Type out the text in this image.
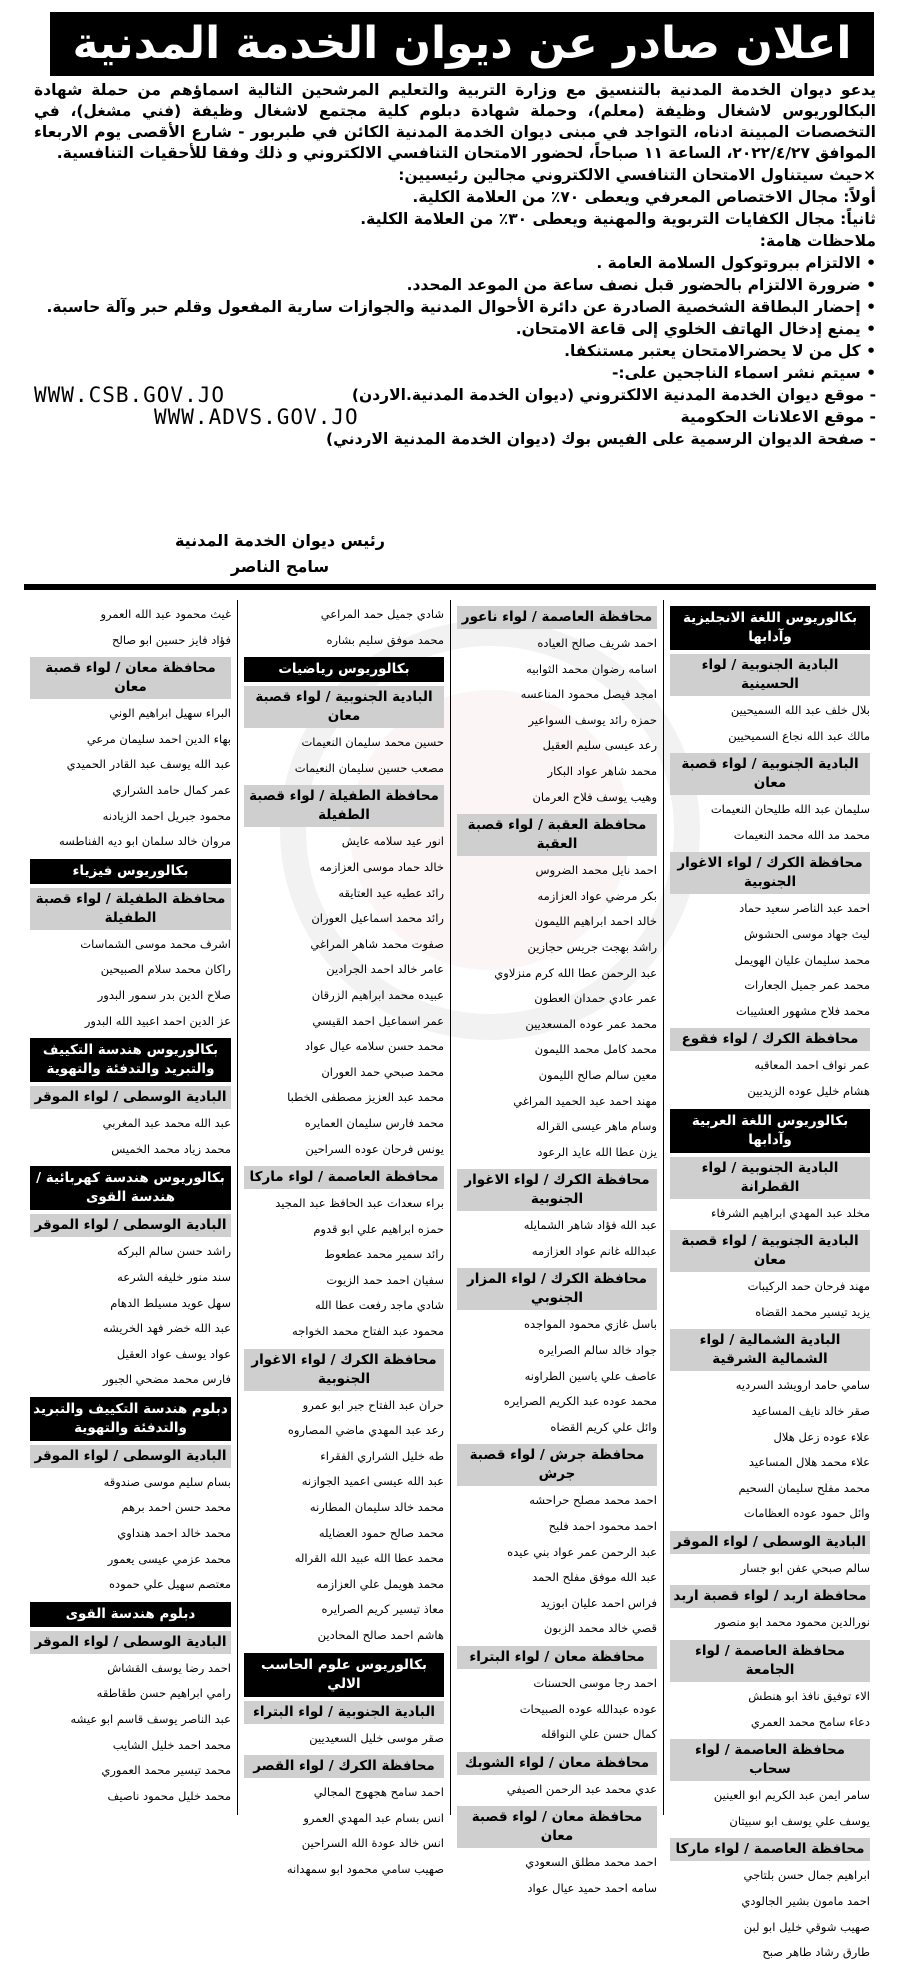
اعلان صادر عن ديوان الخدمة المدنية

يدعو ديوان الخدمة المدنية بالتنسيق مع وزارة التربية والتعليم المرشحين التالية اسماؤهم من حملة شهادة البكالوريوس لاشغال وظيفة (معلم)، وحملة شهادة دبلوم كلية مجتمع لاشغال وظيفة (فني مشغل)، في التخصصات المبينة ادناه، التواجد في مبنى ديوان الخدمة المدنية الكائن في طبربور - شارع الأقصى يوم الاربعاء الموافق ٢٠٢٢/٤/٢٧، الساعة ١١ صباحاً، لحضور الامتحان التنافسي الالكتروني و ذلك وفقا للأحقيات التنافسية.

×حيث سيتناول الامتحان التنافسي الالكتروني مجالين رئيسيين:
أولاً: مجال الاختصاص المعرفي ويعطى ٧٠٪ من العلامة الكلية.
ثانياً: مجال الكفايات التربوية والمهنية ويعطى ٣٠٪ من العلامة الكلية.
ملاحظات هامة:
• الالتزام ببروتوكول السلامة العامة .
• ضرورة الالتزام بالحضور قبل نصف ساعة من الموعد المحدد.
• إحضار البطاقة الشخصية الصادرة عن دائرة الأحوال المدنية والجوازات سارية المفعول وقلم حبر وآلة حاسبة.
• يمنع إدخال الهاتف الخلوي إلى قاعة الامتحان.
• كل من لا يحضرالامتحان يعتبر مستنكفا.
• سيتم نشر اسماء الناجحين على:-
- موقع ديوان الخدمة المدنية الالكتروني (ديوان الخدمة المدنية.الاردن)
WWW.CSB.GOV.JO
- موقع الاعلانات الحكومية
WWW.ADVS.GOV.JO
- صفحة الديوان الرسمية على الفيس بوك (ديوان الخدمة المدنية الاردني)
رئيس ديوان الخدمة المدنية
سامح الناصر
بكالوريوس اللغة الانجليزية وآدابها
البادية الجنوبية / لواء الحسينية
بلال خلف عبد الله السميحيين
مالك عبد الله نجاع السميحيين
البادية الجنوبية / لواء قصبة معان
سليمان عبد الله طليحان النعيمات
محمد مد الله محمد النعيمات
محافظة الكرك / لواء الاغوار الجنوبية
احمد عبد الناصر سعيد حماد
ليث جهاد موسى الحشوش
محمد سليمان عليان الهويمل
محمد عمر جميل الجعارات
محمد فلاح مشهور العشيبات
محافظة الكرك / لواء فقوع
عمر نواف احمد المعاقبه
هشام خليل عوده الزيديين
بكالوريوس اللغة العربية وآدابها
البادية الجنوبية / لواء القطرانة
مخلد عبد المهدي ابراهيم الشرفاء
البادية الجنوبية / لواء قصبة معان
مهند فرحان حمد الركيبات
يزيد تيسير محمد القضاه
البادية الشمالية / لواء الشمالية الشرقية
سامي حامد ارويشد السرديه
صقر خالد نايف المساعيد
علاء عوده زعل هلال
علاء محمد هلال المساعيد
محمد مفلح سليمان السحيم
وائل حمود عوده العظامات
البادية الوسطى / لواء الموقر
سالم صبحي عفن ابو جسار
محافظة اربد / لواء قصبة اربد
نورالدين محمود محمد ابو منصور
محافظة العاصمة / لواء الجامعة
الاء توفيق نافذ ابو هنطش
دعاء سامح محمد العمري
محافظة العاصمة / لواء سحاب
سامر ايمن عبد الكريم ابو العينين
يوسف علي يوسف ابو سبيتان
محافظة العاصمة / لواء ماركا
ابراهيم جمال حسن بلتاجي
احمد مامون بشير الجالودي
صهيب شوقي خليل ابو لبن
طارق رشاد طاهر صبح
محافظة العاصمة / لواء ناعور
احمد شريف صالح العياده
اسامه رضوان محمد الثوابيه
امجد فيصل محمود المناعسه
حمزه رائد يوسف السواعير
رعد عيسى سليم العقيل
محمد شاهر عواد البكار
وهيب يوسف فلاح العرمان
محافظة العقبة / لواء قصبة العقبة
احمد نايل محمد الضروس
بكر مرضي عواد العزازمه
خالد احمد ابراهيم الليمون
راشد بهجت جريس حجازين
عبد الرحمن عطا الله كرم منزلاوي
عمر عادي حمدان العطون
محمد عمر عوده المسعديين
محمد كامل محمد الليمون
معين سالم صالح الليمون
مهند احمد عبد الحميد المراغي
وسام ماهر عيسى القراله
يزن عطا الله عايد الرعود
محافظة الكرك / لواء الاغوار الجنوبية
عبد الله فؤاد شاهر الشمايله
عبدالله غانم عواد العزازمه
محافظة الكرك / لواء المزار الجنوبي
باسل غازي محمود المواجده
جواد خالد سالم الصرايره
عاصف علي ياسين الطراونه
محمد عوده عبد الكريم الصرايره
وائل علي كريم القضاه
محافظة جرش / لواء قصبة جرش
احمد محمد مصلح حراحشه
احمد محمود احمد فليح
عبد الرحمن عمر عواد بني عيده
عبد الله موفق مفلح الحمد
فراس احمد عليان ابوزيد
قصي خالد محمد الزبون
محافظة معان / لواء البتراء
احمد رجا موسى الحسنات
عوده عبدالله عوده الصبيحات
كمال حسن علي النواقله
محافظة معان / لواء الشوبك
عدي محمد عبد الرحمن الصيفي
محافظة معان / لواء قصبة معان
احمد محمد مطلق السعودي
سامه احمد حميد عيال عواد
شادي جميل حمد المراعي
محمد موفق سليم بشاره
بكالوريوس رياضيات
البادية الجنوبية / لواء قصبة معان
حسين محمد سليمان النعيمات
مصعب حسين سليمان النعيمات
محافظة الطفيلة / لواء قصبة الطفيلة
انور عيد سلامه عايش
خالد حماد موسى العزازمه
رائد عطيه عيد العتايقه
رائد محمد اسماعيل العوران
صفوت محمد شاهر المراغي
عامر خالد احمد الجرادين
عبيده محمد ابراهيم الزرقان
عمر اسماعيل احمد القيسي
محمد حسن سلامه عيال عواد
محمد صبحي حمد العوران
محمد عبد العزيز مصطفى الخطبا
محمد فارس سليمان العمايره
يونس فرحان عوده السراحين
محافظة العاصمة / لواء ماركا
براء سعدات عبد الحافظ عبد المجيد
حمزه ابراهيم علي ابو قدوم
رائد سمير محمد عطعوط
سفيان احمد حمد الزيوت
شادي ماجد رفعت عطا الله
محمود عبد الفتاح محمد الخواجه
محافظة الكرك / لواء الاغوار الجنوبية
حران عبد الفتاح جبر ابو عمرو
رعد عبد المهدي ماضي المصاروه
طه خليل الشراري الفقراء
عبد الله عيسى اعميد الجوازنه
محمد خالد سليمان المطارنه
محمد صالح حمود العضايله
محمد عطا الله عبيد الله القراله
محمد هويمل علي العزازمه
معاذ تيسير كريم الصرايره
هاشم احمد صالح المحادين
بكالوريوس علوم الحاسب الالي
البادية الجنوبية / لواء البتراء
صقر موسى خليل السعيديين
محافظة الكرك / لواء القصر
احمد سامح هجهوج المجالي
انس بسام عبد المهدي العمرو
انس خالد عودة الله السراحين
صهيب سامي محمود ابو سمهدانه
غيث محمود عبد الله العمرو
فؤاد فايز حسين ابو صالح
محافظة معان / لواء قصبة معان
البراء سهيل ابراهيم الوني
بهاء الدين احمد سليمان مرعي
عبد الله يوسف عبد القادر الحميدي
عمر كمال حامد الشراري
محمود جبريل احمد الزيادنه
مروان خالد سلمان ابو ديه الفناطسه
بكالوريوس فيزياء
محافظة الطفيلة / لواء قصبة الطفيلة
اشرف محمد موسى الشماسات
راكان محمد سلام الصبيحين
صلاح الدين بدر سمور البدور
عز الدين احمد اعبيد الله البدور
بكالوريوس هندسة التكييف والتبريد والتدفئة والتهوية
البادية الوسطى / لواء الموقر
عبد الله محمد عبد المغربي
محمد زياد محمد الخميس
بكالوريوس هندسة كهربائية / هندسة القوى
البادية الوسطى / لواء الموقر
راشد حسن سالم البركه
سند منور خليفه الشرعه
سهل عويد مسيلط الدهام
عبد الله خضر فهد الخريشه
عواد يوسف عواد العقيل
فارس محمد مضحي الجبور
دبلوم هندسة التكييف والتبريد والتدفئة والتهوية
البادية الوسطى / لواء الموقر
بسام سليم موسى صندوقه
محمد حسن احمد برهم
محمد خالد احمد هنداوي
محمد عزمي عيسى يعمور
معتصم سهيل علي حموده
دبلوم هندسة القوى
البادية الوسطى / لواء الموقر
احمد رضا يوسف القشاش
رامي ابراهيم حسن طقاطقه
عبد الناصر يوسف قاسم ابو عيشه
محمد احمد خليل الشايب
محمد تيسير محمد العموري
محمد خليل محمود ناصيف
